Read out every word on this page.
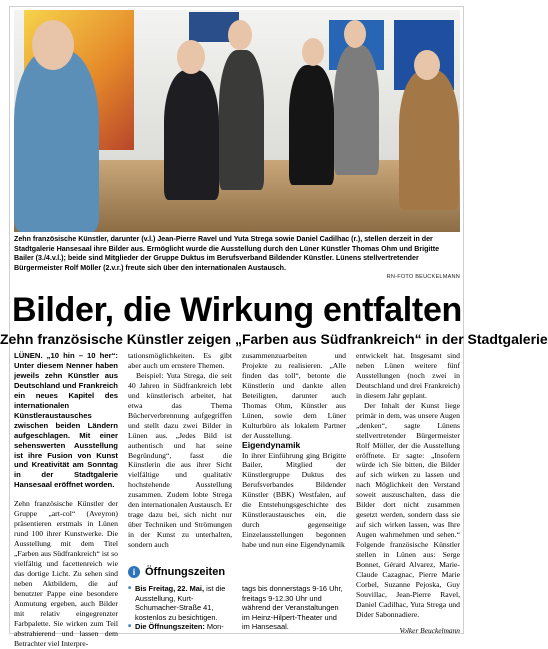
Zehn französische Künstler, darunter (v.l.) Jean-Pierre Ravel und Yuta Strega sowie Daniel Cadilhac (r.), stellen derzeit in der Stadtgalerie Hansesaal ihre Bilder aus. Ermöglicht wurde die Ausstellung durch den Lüner Künstler Thomas Ohm und Brigitte Bailer (3./4.v.l.); beide sind Mitglieder der Gruppe Duktus im Berufsverband Bildender Künstler. Lünens stellvertretender Bürgermeister Rolf Möller (2.v.r.) freute sich über den internationalen Austausch.

RN-FOTO BEUCKELMANN
Bilder, die Wirkung entfalten
Zehn französische Künstler zeigen „Farben aus Südfrankreich“ in der Stadtgalerie

LÜNEN. „10 hin – 10 her“: Unter diesem Nenner haben jeweils zehn Künstler aus Deutschland und Frankreich ein neues Kapitel des internationalen Künstleraustausches zwischen beiden Ländern aufgeschlagen. Mit einer sehenswerten Ausstellung ist ihre Fusion von Kunst und Kreativität am Sonntag in der Stadtgalerie Hansesaal eröffnet worden.

Zehn französische Künstler der Gruppe „art-col“ (Aveyron) präsentieren erstmals in Lünen rund 100 ihrer Kunstwerke. Die Ausstellung mit dem Titel „Farben aus Südfrankreich“ ist so vielfältig und facettenreich wie das dortige Licht. Zu sehen sind neben Aktbildern, die auf benutzter Pappe eine besondere Anmutung ergeben, auch Bilder mit relativ eingegrenzter Farbpalette. Sie wirken zum Teil abstrahierend und lassen dem Betrachter viel Interpre-

tationsmöglichkeiten. Es gibt aber auch um ernstere Themen.

Beispiel: Yuta Strega, die seit 40 Jahren in Südfrankreich lebt und künstlerisch arbeitet, hat etwa das Thema Bücherverbrennung aufgegriffen und stellt dazu zwei Bilder in Lünen aus. „Jedes Bild ist authentisch und hat seine Begründung“, fasst die Künstlerin die aus ihrer Sicht vielfältige und qualitativ hochstehende Ausstellung zusammen. Zudem lobte Strega den internationalen Austausch. Er trage dazu bei, sich nicht nur über Techniken und Strömungen in der Kunst zu unterhalten, sondern auch

zusammenzuarbeiten und Projekte zu realisieren. „Alle finden das toll“, betonte die Künstlerin und dankte allen Beteiligten, darunter auch Thomas Ohm, Künstler aus Lünen, sowie dem Lüner Kulturbüro als lokalem Partner der Ausstellung.

Eigendynamik

In ihrer Einführung ging Brigitte Bailer, Mitglied der Künstlergruppe Duktus des Berufsverbandes Bildender Künstler (BBK) Westfalen, auf die Entstehungsgeschichte des Künstleraustausches ein, die durch gegenseitige Einzelausstellungen begonnen habe und nun eine Eigendynamik

entwickelt hat. Insgesamt sind neben Lünen weitere fünf Ausstellungen (noch zwei in Deutschland und drei Frankreich) in diesem Jahr geplant.

Der Inhalt der Kunst liege primär in dem, was unsere Augen „denken“, sagte Lünens stellvertretender Bürgermeister Rolf Möller, der die Ausstellung eröffnete. Er sagte: „Insofern würde ich Sie bitten, die Bilder auf sich wirken zu lassen und nach Möglichkeit den Verstand soweit auszuschalten, dass die Bilder dort nicht zusammen gesetzt werden, sondern dass sie auf sich wirken lassen, was Ihre Augen wahrnehmen und sehen.“ Folgende französische Künstler stellen in Lünen aus: Serge Bonnet, Gérard Alvarez, Marie-Claude Cazagnac, Pierre Marie Corbel, Suzanne Pejoska, Guy Souvillac, Jean-Pierre Ravel, Daniel Cadilhac, Yuta Strega und Dider Sabonnadiere.

i Öffnungszeiten
■ Bis Freitag, 22. Mai, ist die Ausstellung, Kurt-Schumacher-Straße 41, kostenlos zu besichtigen.
■ Die Öffnungszeiten: Mon-

tags bis donnerstags 9-16 Uhr, freitags 9-12.30 Uhr und während der Veranstaltungen im Heinz-Hilpert-Theater und im Hansesaal.	Volker Beuckelmann
